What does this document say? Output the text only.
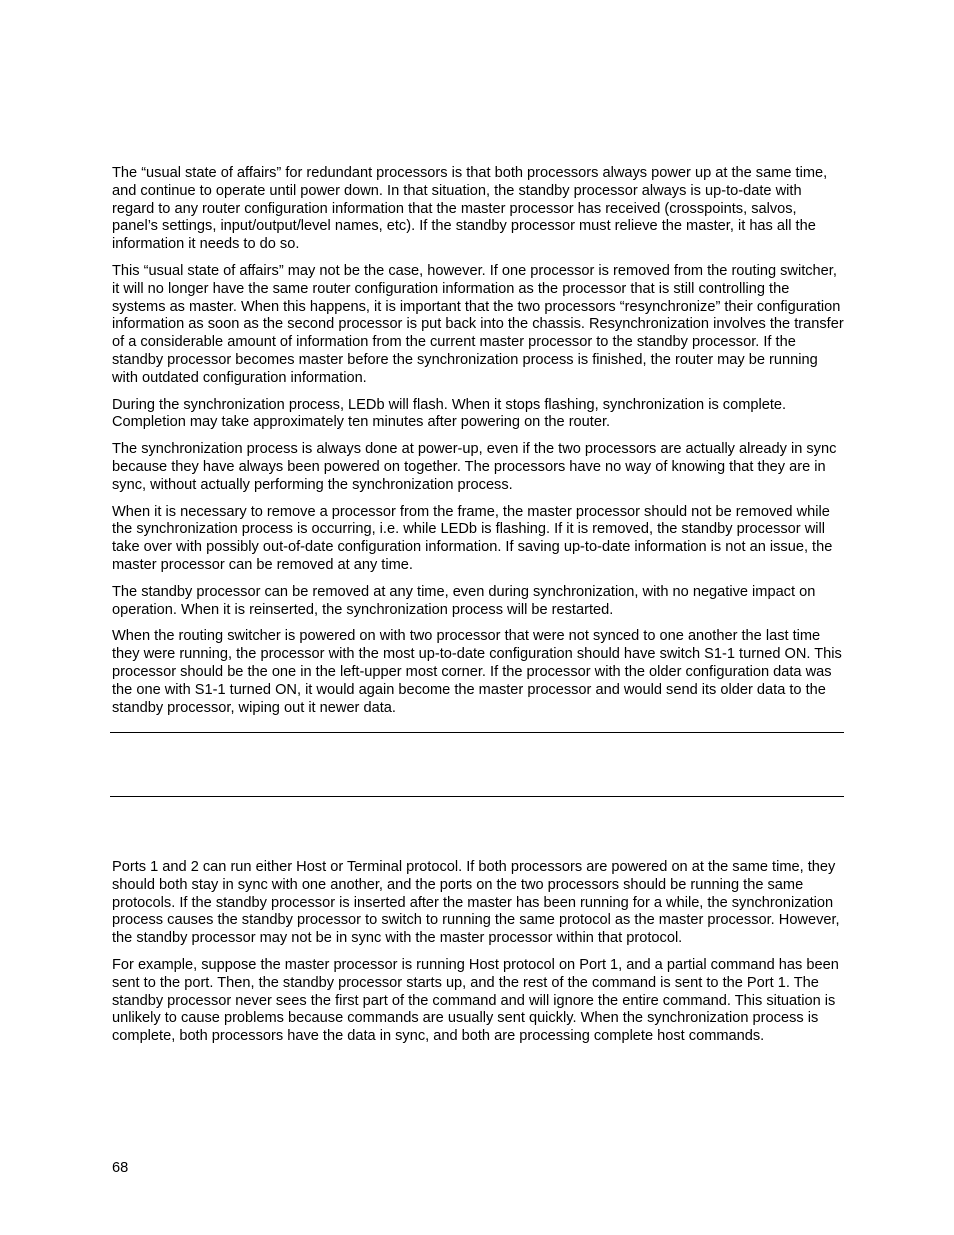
The “usual state of affairs” for redundant processors is that both processors always power up at the same time, and continue to operate until power down. In that situation, the standby processor always is up-to-date with regard to any router configuration information that the master processor has received (crosspoints, salvos, panel’s settings, input/output/level names, etc). If the standby processor must relieve the master, it has all the information it needs to do so.

This “usual state of affairs” may not be the case, however. If one processor is removed from the routing switcher, it will no longer have the same router configuration information as the processor that is still controlling the systems as master. When this happens, it is important that the two processors “resynchronize” their configuration information as soon as the second processor is put back into the chassis. Resynchronization involves the transfer of a considerable amount of information from the current master processor to the standby processor. If the standby processor becomes master before the synchronization process is finished, the router may be running with outdated configuration information.

During the synchronization process, LEDb will flash. When it stops flashing, synchronization is complete. Completion may take approximately ten minutes after powering on the router.

The synchronization process is always done at power-up, even if the two processors are actually already in sync because they have always been powered on together. The processors have no way of knowing that they are in sync, without actually performing the synchronization process.

When it is necessary to remove a processor from the frame, the master processor should not be removed while the synchronization process is occurring, i.e. while LEDb is flashing. If it is removed, the standby processor will take over with possibly out-of-date configuration information. If saving up-to-date information is not an issue, the master processor can be removed at any time.

The standby processor can be removed at any time, even during synchronization, with no negative impact on operation. When it is reinserted, the synchronization process will be restarted.

When the routing switcher is powered on with two processor that were not synced to one another the last time they were running, the processor with the most up-to-date configuration should have switch S1-1 turned ON. This processor should be the one in the left-upper most corner. If the processor with the older configuration data was the one with S1-1 turned ON, it would again become the master processor and would send its older data to the standby processor, wiping out it newer data.

Ports 1 and 2 can run either Host or Terminal protocol. If both processors are powered on at the same time, they should both stay in sync with one another, and the ports on the two processors should be running the same protocols. If the standby processor is inserted after the master has been running for a while, the synchronization process causes the standby processor to switch to running the same protocol as the master processor. However, the standby processor may not be in sync with the master processor within that protocol.

For example, suppose the master processor is running Host protocol on Port 1, and a partial command has been sent to the port. Then, the standby processor starts up, and the rest of the command is sent to the Port 1. The standby processor never sees the first part of the command and will ignore the entire command. This situation is unlikely to cause problems because commands are usually sent quickly. When the synchronization process is complete, both processors have the data in sync, and both are processing complete host commands.

68
